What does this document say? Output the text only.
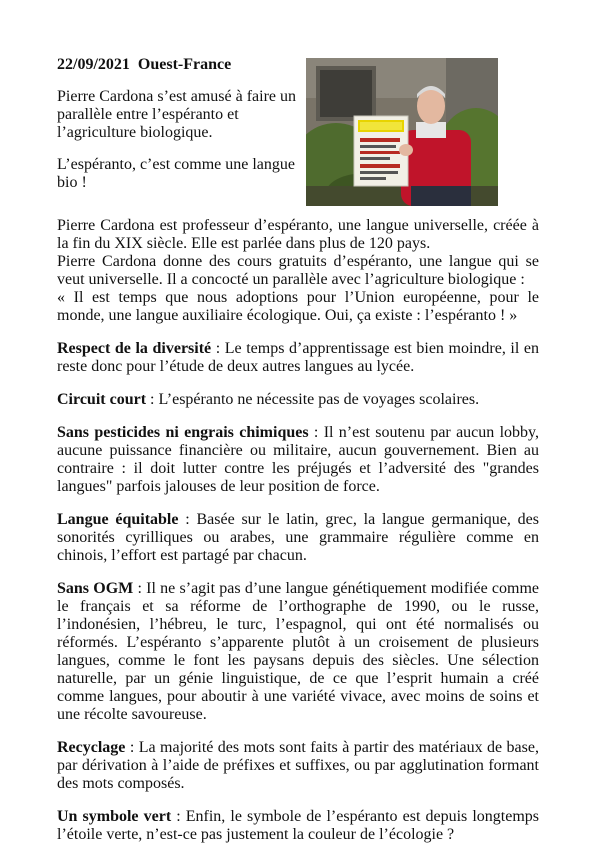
22/09/2021 Ouest-France

Pierre Cardona s’est amusé à faire un parallèle entre l’espéranto et l’agriculture biologique.

L’espéranto, c’est comme une langue bio !

Pierre Cardona est professeur d’espéranto, une langue universelle, créée à la fin du XIX siècle. Elle est parlée dans plus de 120 pays.

Pierre Cardona donne des cours gratuits d’espéranto, une langue qui se veut universelle. Il a concocté un parallèle avec l’agriculture biologique :

« Il est temps que nous adoptions pour l’Union européenne, pour le monde, une langue auxiliaire écologique. Oui, ça existe : l’espéranto ! »

Respect de la diversité : Le temps d’apprentissage est bien moindre, il en reste donc pour l’étude de deux autres langues au lycée.

Circuit court : L’espéranto ne nécessite pas de voyages scolaires.

Sans pesticides ni engrais chimiques : Il n’est soutenu par aucun lobby, aucune puissance financière ou militaire, aucun gouvernement. Bien au contraire : il doit lutter contre les préjugés et l’adversité des "grandes langues" parfois jalouses de leur position de force.

Langue équitable : Basée sur le latin, grec, la langue germanique, des sonorités cyrilliques ou arabes, une grammaire régulière comme en chinois, l’effort est partagé par chacun.

Sans OGM : Il ne s’agit pas d’une langue génétiquement modifiée comme le français et sa réforme de l’orthographe de 1990, ou le russe, l’indonésien, l’hébreu, le turc, l’espagnol, qui ont été normalisés ou réformés. L’espéranto s’apparente plutôt à un croisement de plusieurs langues, comme le font les paysans depuis des siècles. Une sélection naturelle, par un génie linguistique, de ce que l’esprit humain a créé comme langues, pour aboutir à une variété vivace, avec moins de soins et une récolte savoureuse.

Recyclage : La majorité des mots sont faits à partir des matériaux de base, par dérivation à l’aide de préfixes et suffixes, ou par agglutination formant des mots composés.

Un symbole vert : Enfin, le symbole de l’espéranto est depuis longtemps l’étoile verte, n’est-ce pas justement la couleur de l’écologie ?
